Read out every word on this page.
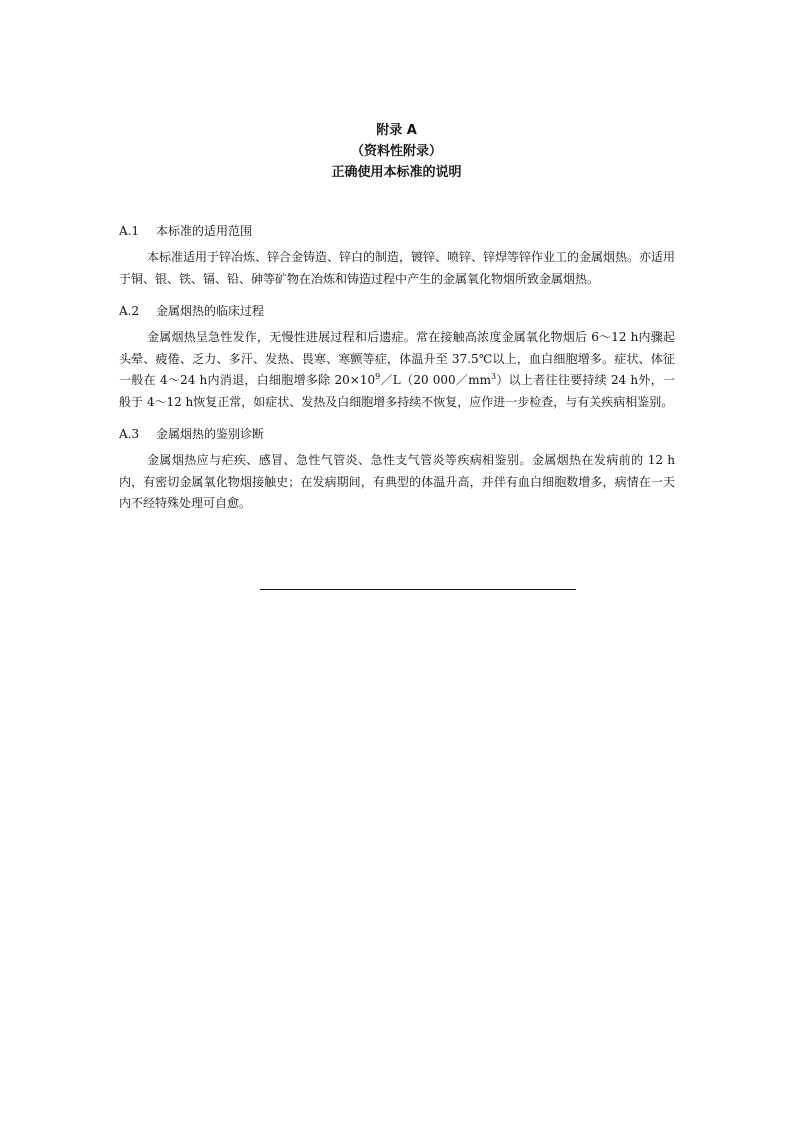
附录 A
（资料性附录）
正确使用本标准的说明

A.1 本标准的适用范围

本标准适用于锌冶炼、锌合金铸造、锌白的制造，镀锌、喷锌、锌焊等锌作业工的金属烟热。亦适用于铜、银、铁、镉、铅、砷等矿物在冶炼和铸造过程中产生的金属氧化物烟所致金属烟热。

A.2 金属烟热的临床过程

金属烟热呈急性发作，无慢性进展过程和后遗症。常在接触高浓度金属氧化物烟后 6～12 h内骤起头晕、疲倦、乏力、多汗、发热、畏寒、寒颤等症，体温升至 37.5℃以上，血白细胞增多。症状、体征一般在 4～24 h内消退，白细胞增多除 $20\times 10^9/L(20$ $000/mm^3$）以上者往往要持续 24 h外，一般于 4～12 h恢复正常，如症状、发热及白细胞增多持续不恢复，应作进一步检查，与有关疾病相鉴别。

A.3 金属烟热的鉴别诊断

金属烟热应与疟疾、感冒、急性气管炎、急性支气管炎等疾病相鉴别。金属烟热在发病前的 12 h 内，有密切金属氧化物烟接触史；在发病期间，有典型的体温升高，并伴有血白细胞数增多，病情在一天内不经特殊处理可自愈。
